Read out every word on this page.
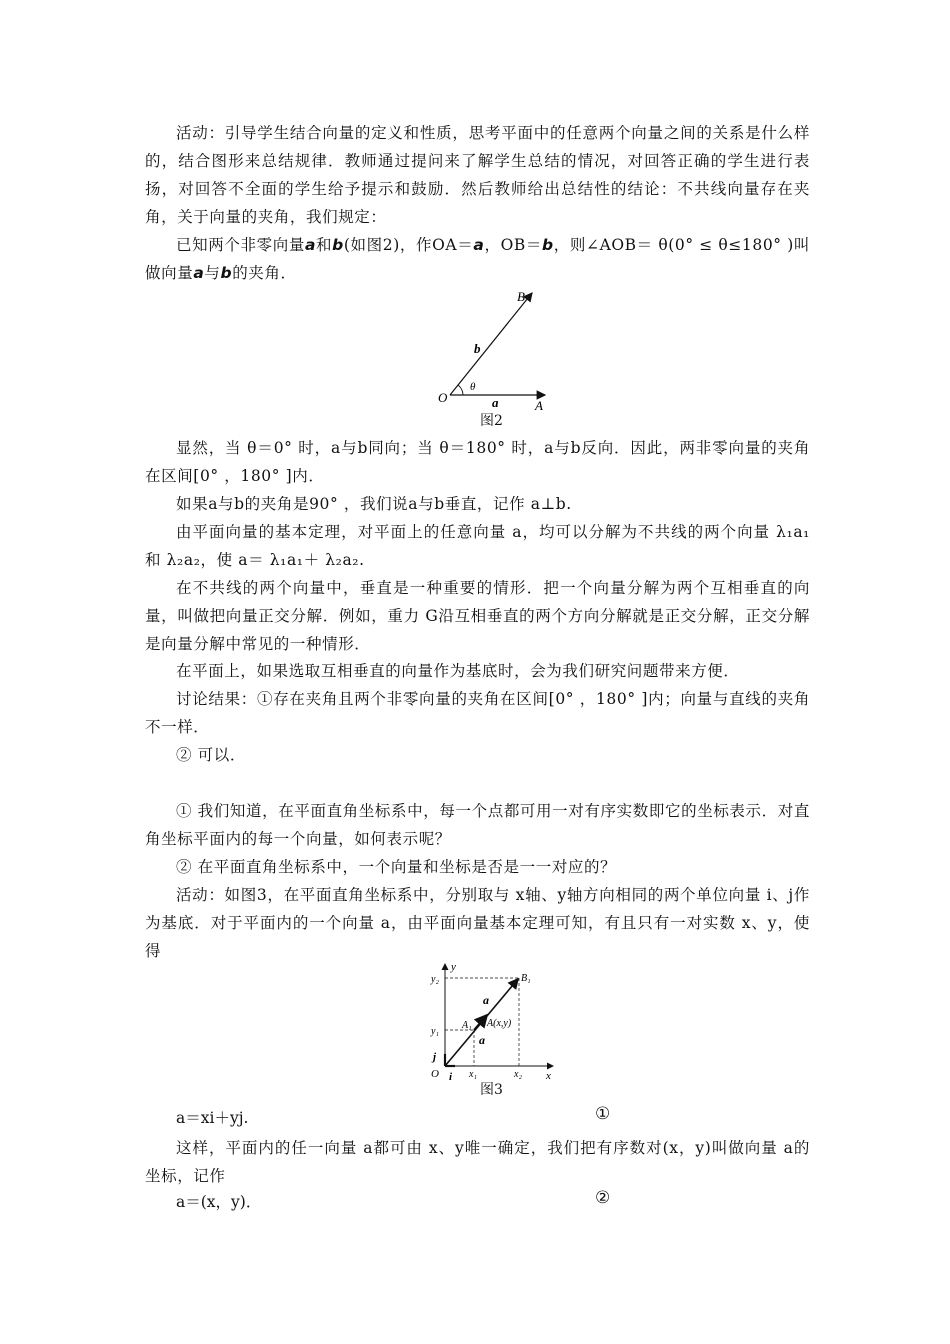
活动：引导学生结合向量的定义和性质，思考平面中的任意两个向量之间的关系是什么样的，结合图形来总结规律．教师通过提问来了解学生总结的情况，对回答正确的学生进行表扬，对回答不全面的学生给予提示和鼓励．然后教师给出总结性的结论：不共线向量存在夹角，关于向量的夹角，我们规定：
已知两个非零向量a和b(如图2)，作OA＝a，OB＝b，则∠AOB＝ θ(0° ≤ θ≤180° )叫做向量a与b的夹角．
O
A
B
a
b
θ
图2
显然，当 θ＝0° 时，a与b同向；当 θ＝180° 时，a与b反向．因此，两非零向量的夹角在区间[0° ，180° ]内．
如果a与b的夹角是90° ，我们说a与b垂直，记作 a⊥b.
由平面向量的基本定理，对平面上的任意向量 a，均可以分解为不共线的两个向量 λ₁a₁和 λ₂a₂，使 a＝ λ₁a₁＋ λ₂a₂.
在不共线的两个向量中，垂直是一种重要的情形．把一个向量分解为两个互相垂直的向量，叫做把向量正交分解．例如，重力 G沿互相垂直的两个方向分解就是正交分解，正交分解是向量分解中常见的一种情形．
在平面上，如果选取互相垂直的向量作为基底时，会为我们研究问题带来方便．
讨论结果：①存在夹角且两个非零向量的夹角在区间[0° ，180° ]内；向量与直线的夹角不一样．
② 可以．
① 我们知道，在平面直角坐标系中，每一个点都可用一对有序实数即它的坐标表示．对直角坐标平面内的每一个向量，如何表示呢？
② 在平面直角坐标系中，一个向量和坐标是否是一一对应的？
活动：如图3，在平面直角坐标系中，分别取与 x轴、y轴方向相同的两个单位向量 i、j作为基底．对于平面内的一个向量 a，由平面向量基本定理可知，有且只有一对实数 x、y，使得
y
x
O
y₂
y₁
x₁	x₂
A₁ A(x,y)
B₁
a
a
i
j
图3
a＝xi＋yj.	①
这样，平面内的任一向量 a都可由 x、y唯一确定，我们把有序数对(x，y)叫做向量 a的坐标，记作
a＝(x，y)．	②
